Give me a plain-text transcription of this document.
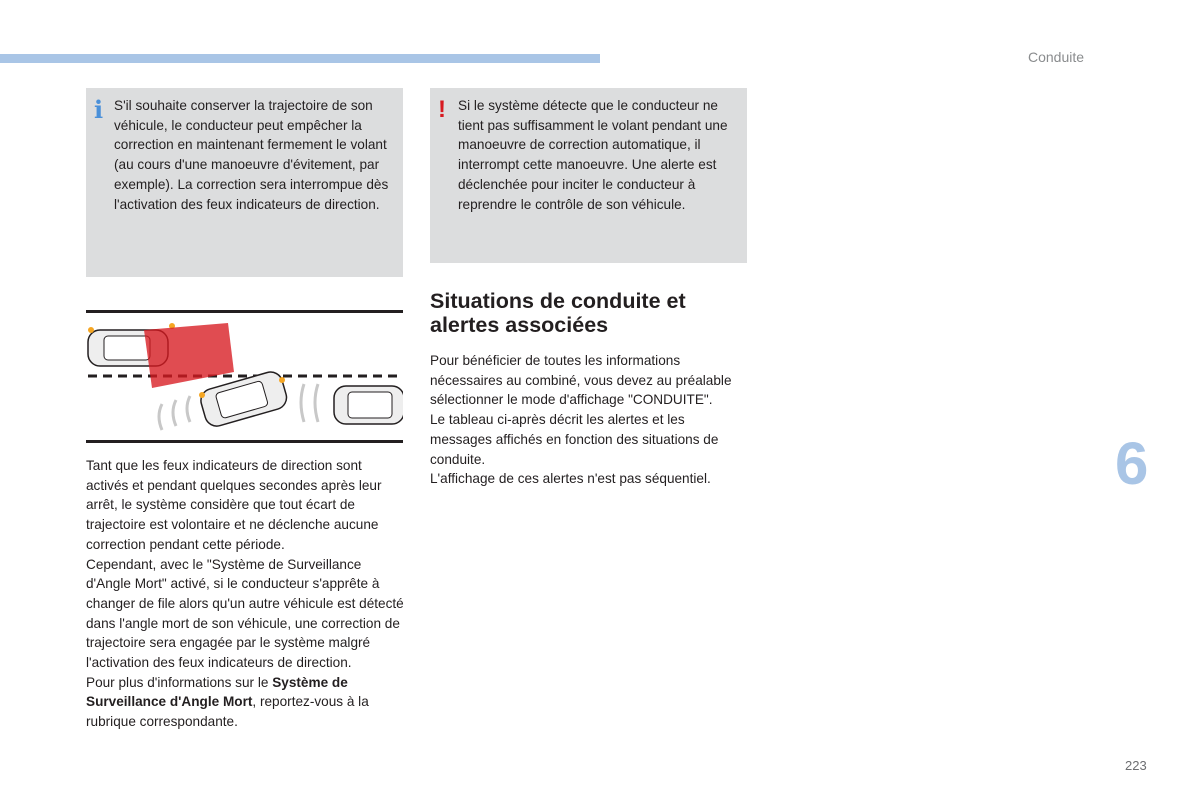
Conduite
i S'il souhaite conserver la trajectoire de son véhicule, le conducteur peut empêcher la correction en maintenant fermement le volant (au cours d'une manoeuvre d'évitement, par exemple). La correction sera interrompue dès l'activation des feux indicateurs de direction.
! Si le système détecte que le conducteur ne tient pas suffisamment le volant pendant une manoeuvre de correction automatique, il interrompt cette manoeuvre. Une alerte est déclenchée pour inciter le conducteur à reprendre le contrôle de son véhicule.
Tant que les feux indicateurs de direction sont activés et pendant quelques secondes après leur arrêt, le système considère que tout écart de trajectoire est volontaire et ne déclenche aucune correction pendant cette période.
Cependant, avec le "Système de Surveillance d'Angle Mort" activé, si le conducteur s'apprête à changer de file alors qu'un autre véhicule est détecté dans l'angle mort de son véhicule, une correction de trajectoire sera engagée par le système malgré l'activation des feux indicateurs de direction.
Pour plus d'informations sur le Système de Surveillance d'Angle Mort, reportez-vous à la rubrique correspondante.
Situations de conduite et alertes associées
Pour bénéficier de toutes les informations nécessaires au combiné, vous devez au préalable sélectionner le mode d'affichage "CONDUITE".
Le tableau ci-après décrit les alertes et les messages affichés en fonction des situations de conduite.
L'affichage de ces alertes n'est pas séquentiel.	6
223
